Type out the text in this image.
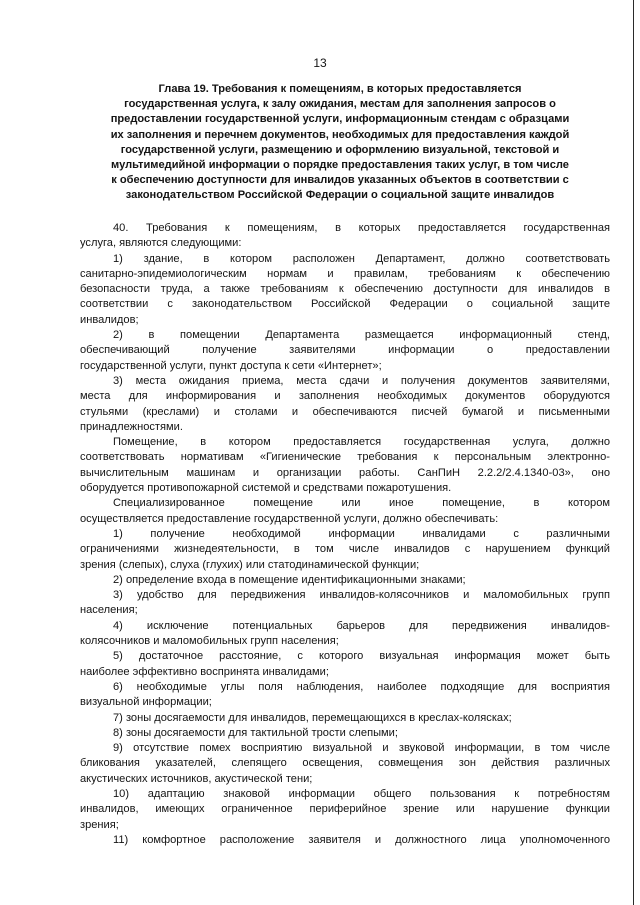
13
Глава 19. Требования к помещениям, в которых предоставляется
государственная услуга, к залу ожидания, местам для заполнения запросов о
предоставлении государственной услуги, информационным стендам с образцами
их заполнения и перечнем документов, необходимых для предоставления каждой
государственной услуги, размещению и оформлению визуальной, текстовой и
мультимедийной информации о порядке предоставления таких услуг, в том числе
к обеспечению доступности для инвалидов указанных объектов в соответствии с
законодательством Российской Федерации о социальной защите инвалидов
40. Требования к помещениям, в которых предоставляется государственная
услуга, являются следующими:
1) здание, в котором расположен Департамент, должно соответствовать
санитарно-эпидемиологическим нормам и правилам, требованиям к обеспечению
безопасности труда, а также требованиям к обеспечению доступности для инвалидов в
соответствии с законодательством Российской Федерации о социальной защите
инвалидов;
2) в помещении Департамента размещается информационный стенд,
обеспечивающий получение заявителями информации о предоставлении
государственной услуги, пункт доступа к сети «Интернет»;
3) места ожидания приема, места сдачи и получения документов заявителями,
места для информирования и заполнения необходимых документов оборудуются
стульями (креслами) и столами и обеспечиваются писчей бумагой и письменными
принадлежностями.
Помещение, в котором предоставляется государственная услуга, должно
соответствовать нормативам «Гигиенические требования к персональным электронно-
вычислительным машинам и организации работы. СанПиН 2.2.2/2.4.1340-03», оно
оборудуется противопожарной системой и средствами пожаротушения.
Специализированное помещение или иное помещение, в котором
осуществляется предоставление государственной услуги, должно обеспечивать:
1) получение необходимой информации инвалидами с различными
ограничениями жизнедеятельности, в том числе инвалидов с нарушением функций
зрения (слепых), слуха (глухих) или статодинамической функции;
2) определение входа в помещение идентификационными знаками;
3) удобство для передвижения инвалидов-колясочников и маломобильных групп
населения;
4) исключение потенциальных барьеров для передвижения инвалидов-
колясочников и маломобильных групп населения;
5) достаточное расстояние, с которого визуальная информация может быть
наиболее эффективно воспринята инвалидами;
6) необходимые углы поля наблюдения, наиболее подходящие для восприятия
визуальной информации;
7) зоны досягаемости для инвалидов, перемещающихся в креслах-колясках;
8) зоны досягаемости для тактильной трости слепыми;
9) отсутствие помех восприятию визуальной и звуковой информации, в том числе
бликования указателей, слепящего освещения, совмещения зон действия различных
акустических источников, акустической тени;
10) адаптацию знаковой информации общего пользования к потребностям
инвалидов, имеющих ограниченное периферийное зрение или нарушение функции
зрения;
11) комфортное расположение заявителя и должностного лица уполномоченного
